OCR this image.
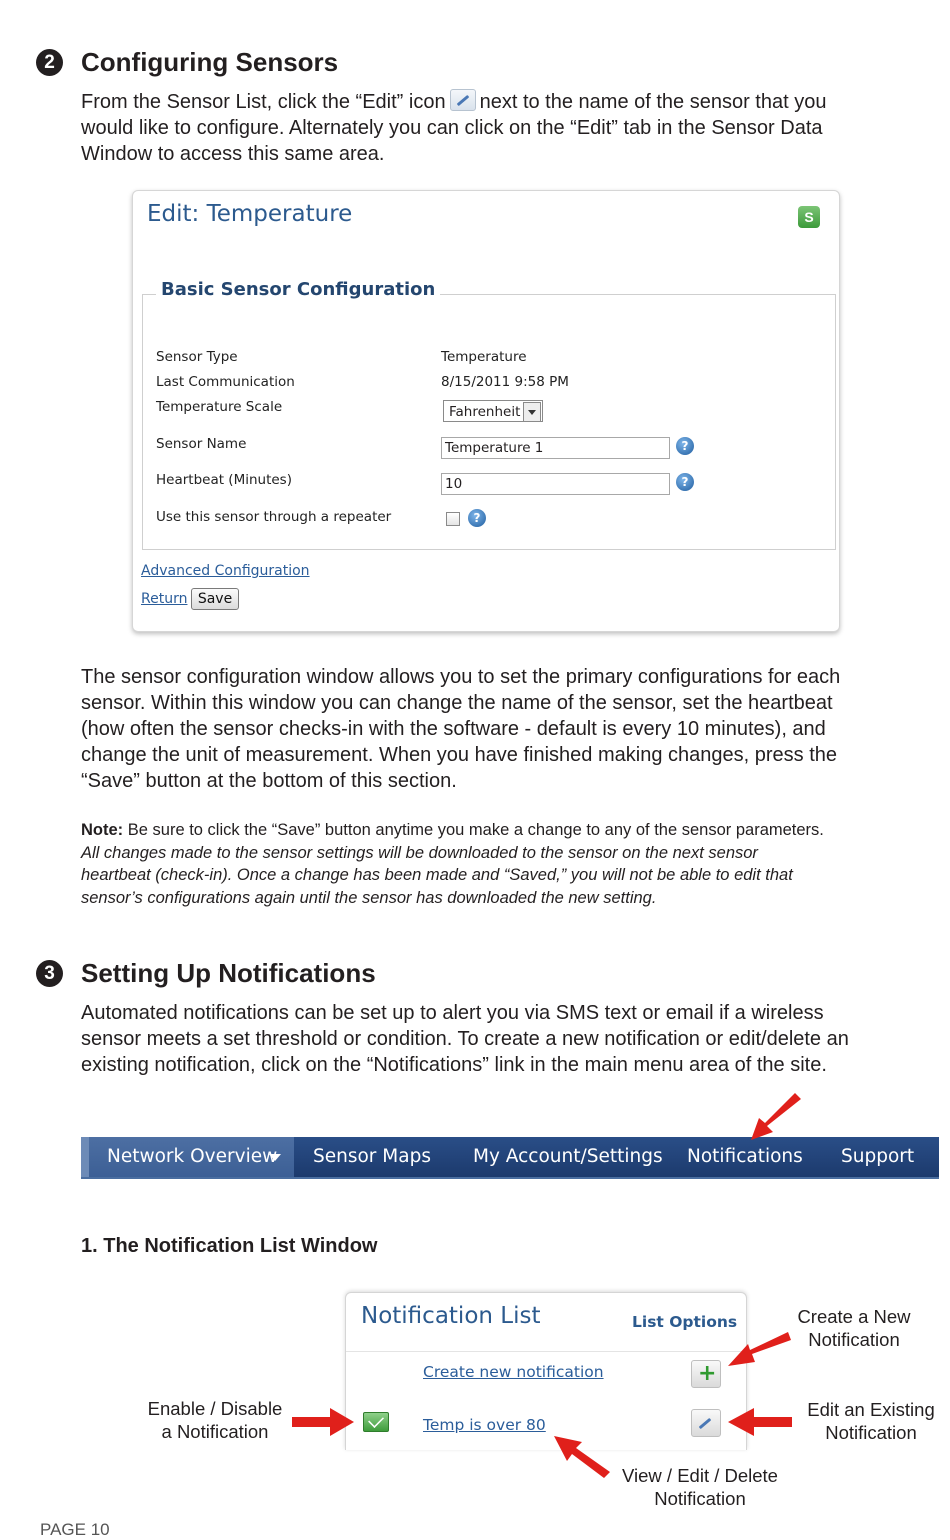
2	Configuring Sensors
From the Sensor List, click the “Edit” icon next to the name of the sensor that you
would like to configure. Alternately you can click on the “Edit” tab in the Sensor Data
Window to access this same area.
Edit: Temperature	S
Basic Sensor Configuration
Sensor Type	Temperature
Last Communication	8/15/2011 9:58 PM
Temperature Scale	Fahrenheit
Sensor Name	Temperature 1	?
Heartbeat (Minutes)	10	?
Use this sensor through a repeater	?
Advanced Configuration
Return Save
The sensor configuration window allows you to set the primary configurations for each
sensor. Within this window you can change the name of the sensor, set the heartbeat
(how often the sensor checks-in with the software - default is every 10 minutes), and
change the unit of measurement. When you have finished making changes, press the
“Save” button at the bottom of this section.
Note: Be sure to click the “Save” button anytime you make a change to any of the sensor parameters.
All changes made to the sensor settings will be downloaded to the sensor on the next sensor
heartbeat (check-in). Once a change has been made and “Saved,” you will not be able to edit that
sensor’s configurations again until the sensor has downloaded the new setting.
3	Setting Up Notifications
Automated notifications can be set up to alert you via SMS text or email if a wireless
sensor meets a set threshold or condition. To create a new notification or edit/delete an
existing notification, click on the “Notifications” link in the main menu area of the site.
Network Overview Sensor Maps My Account/Settings Notifications Support
1. The Notification List Window
Notification List	List Options
Create new notification	+
Temp is over 80
Create a New
Notification
Enable / Disable
a Notification
Edit an Existing
Notification
View / Edit / Delete
Notification
PAGE 10
